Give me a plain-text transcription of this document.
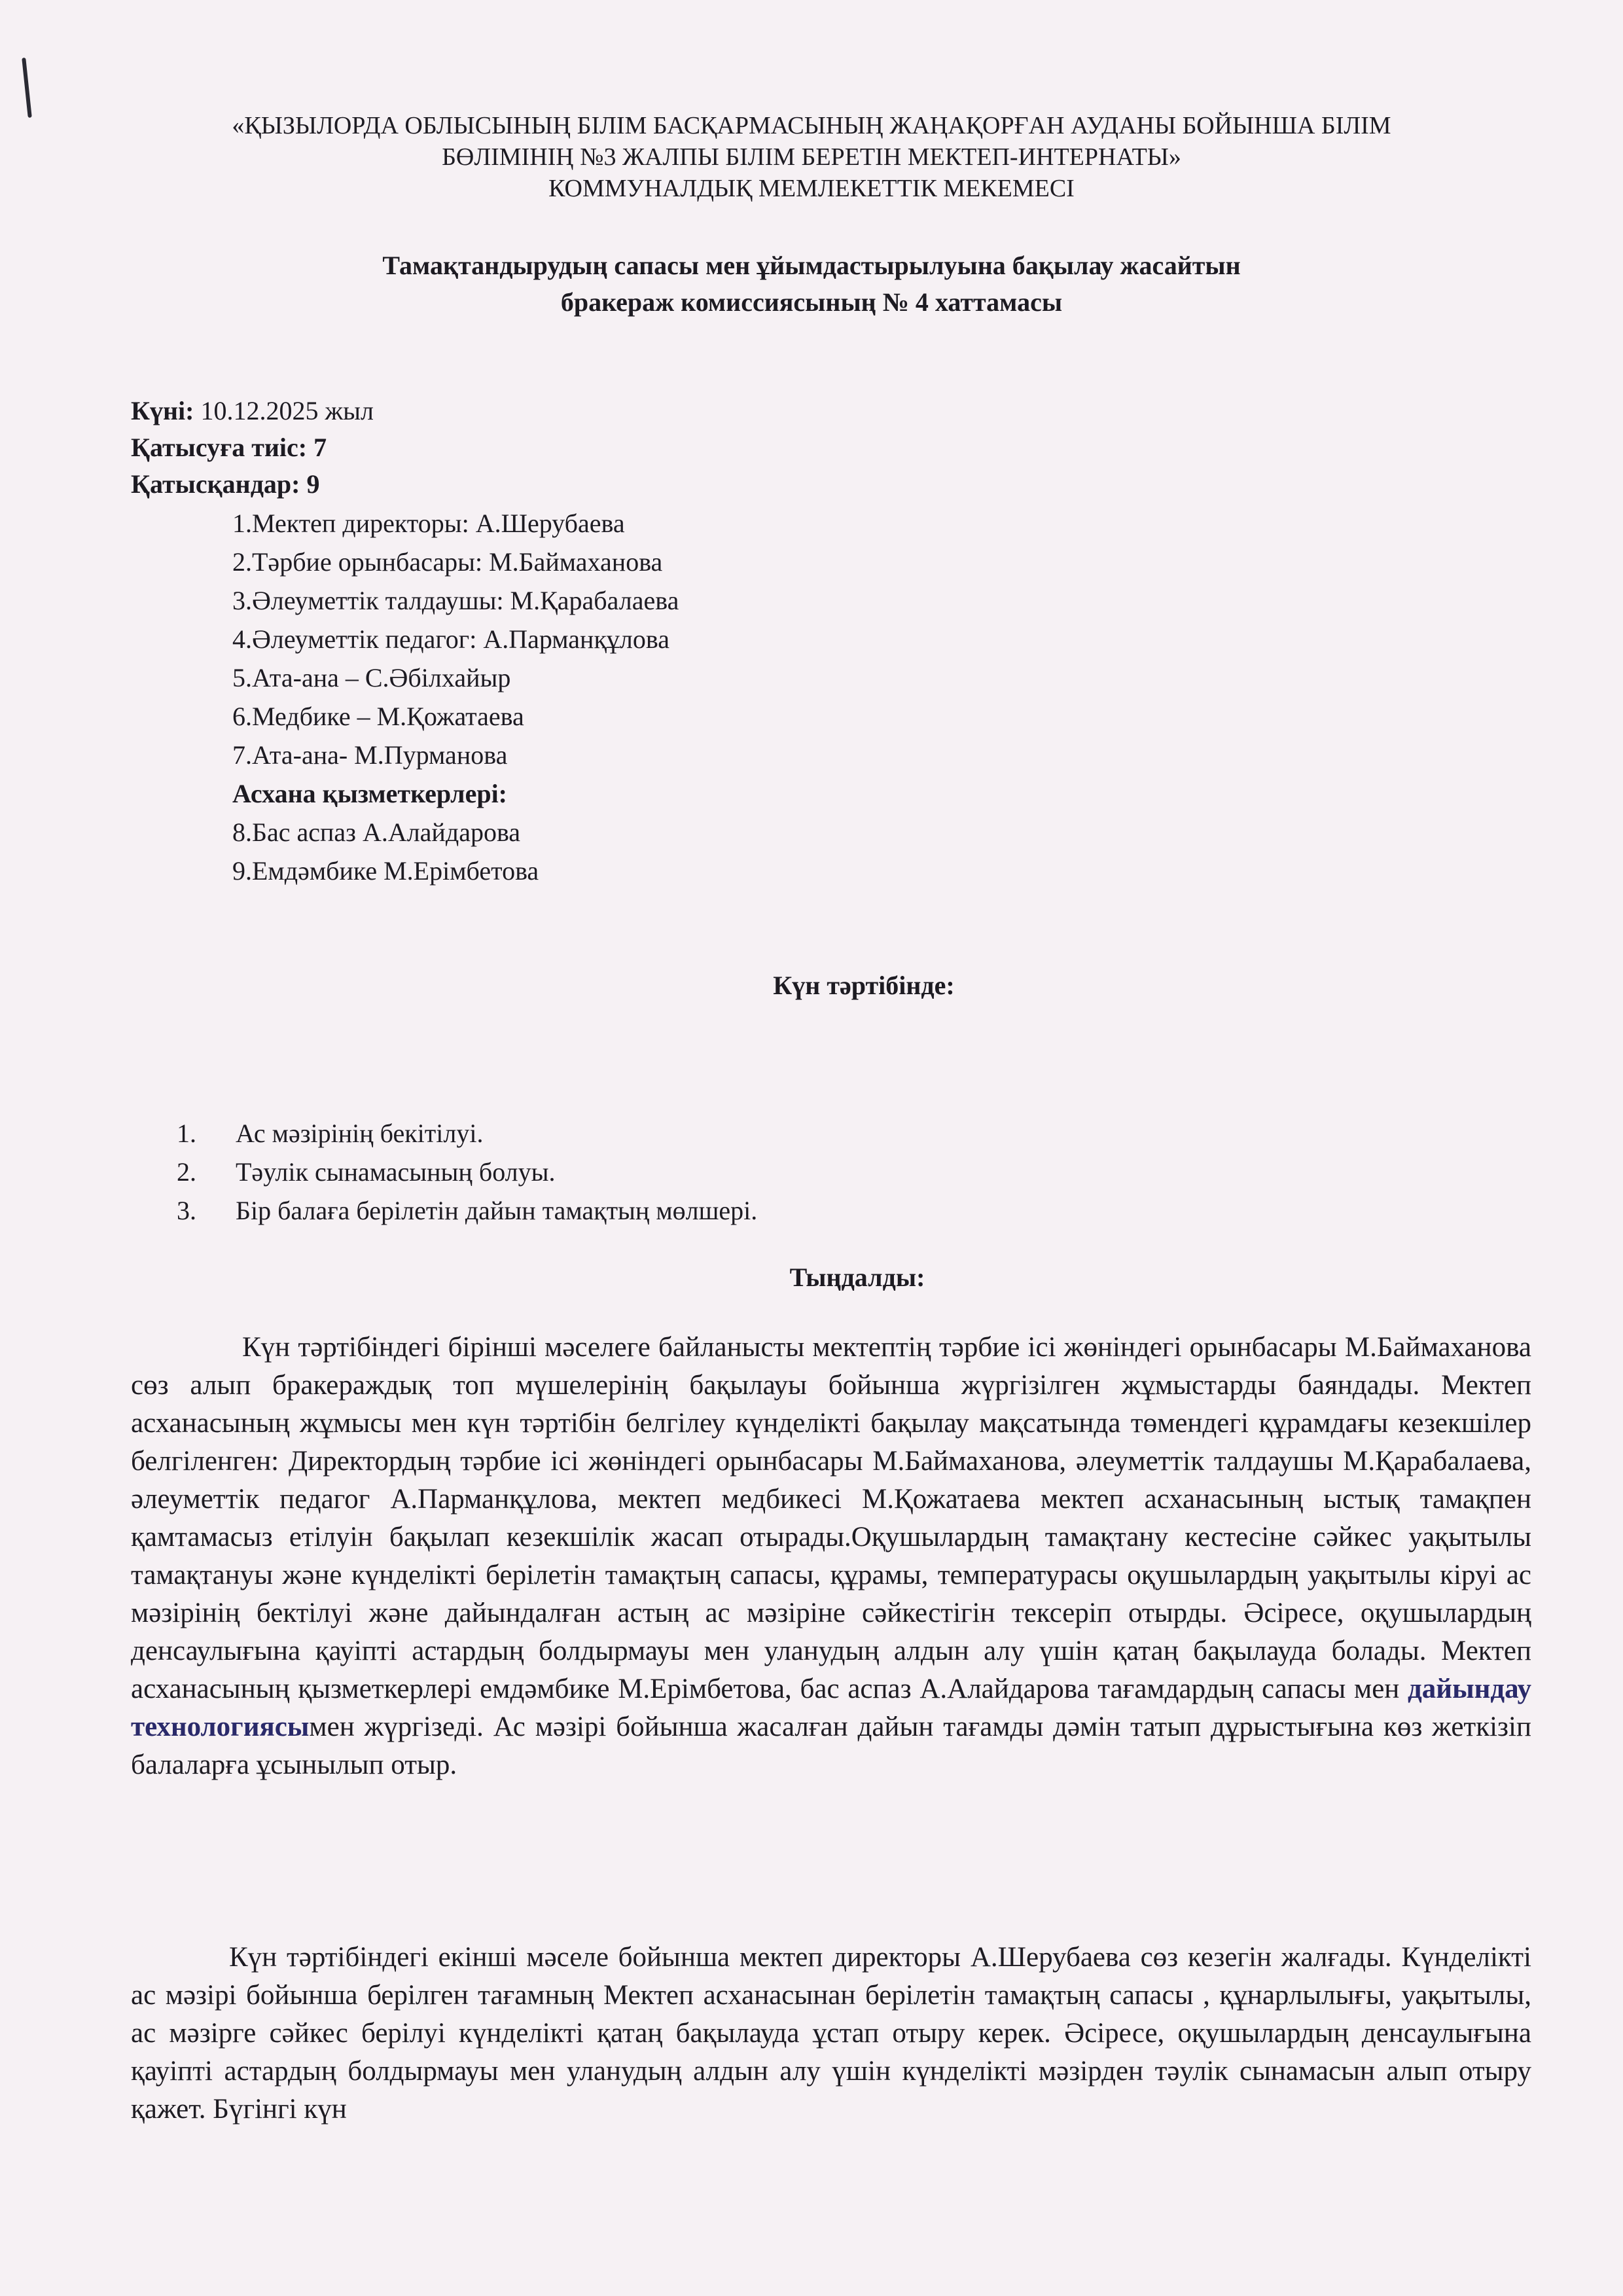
«ҚЫЗЫЛОРДА ОБЛЫСЫНЫҢ БІЛІМ БАСҚАРМАСЫНЫҢ ЖАҢАҚОРҒАН АУДАНЫ БОЙЫНША БІЛІМ
БӨЛІМІНІҢ №3 ЖАЛПЫ БІЛІМ БЕРЕТІН МЕКТЕП-ИНТЕРНАТЫ»
КОММУНАЛДЫҚ МЕМЛЕКЕТТІК МЕКЕМЕСІ
Тамақтандырудың сапасы мен ұйымдастырылуына бақылау жасайтын
бракераж комиссиясының № 4 хаттамасы
Күні: 10.12.2025 жыл
Қатысуға тиіс: 7
Қатысқандар: 9
1.Мектеп директоры: А.Шерубаева
2.Тәрбие орынбасары: М.Баймаханова
3.Әлеуметтік талдаушы: М.Қарабалаева
4.Әлеуметтік педагог: А.Парманқұлова
5.Ата-ана – С.Әбілхайыр
6.Медбике – М.Қожатаева
7.Ата-ана- М.Пурманова
Асхана қызметкерлері:
8.Бас аспаз А.Алайдарова
9.Емдәмбике М.Ерімбетова
Күн тәртібінде:
1. Ас мәзірінің бекітілуі.
2. Тәулік сынамасының болуы.
3. Бір балаға берілетін дайын тамақтың мөлшері.
Тыңдалды:
Күн тәртібіндегі бірінші мәселеге байланысты мектептің тәрбие ісі жөніндегі орынбасары М.Баймаханова сөз алып бракераждық топ мүшелерінің бақылауы бойынша жүргізілген жұмыстарды баяндады. Мектеп асханасының жұмысы мен күн тәртібін белгілеу күнделікті бақылау мақсатында төмендегі құрамдағы кезекшілер белгіленген: Директордың тәрбие ісі жөніндегі орынбасары М.Баймаханова, әлеуметтік талдаушы М.Қарабалаева, әлеуметтік педагог А.Парманқұлова, мектеп медбикесі М.Қожатаева мектеп асханасының ыстық тамақпен қамтамасыз етілуін бақылап кезекшілік жасап отырады.Оқушылардың тамақтану кестесіне сәйкес уақытылы тамақтануы және күнделікті берілетін тамақтың сапасы, құрамы, температурасы оқушылардың уақытылы кіруі ас мәзірінің бектілуі және дайындалған астың ас мәзіріне сәйкестігін тексеріп отырды. Әсіресе, оқушылардың денсаулығына қауіпті астардың болдырмауы мен уланудың алдын алу үшін қатаң бақылауда болады. Мектеп асханасының қызметкерлері емдәмбике М.Ерімбетова, бас аспаз А.Алайдарова тағамдардың сапасы мен дайындау технологиясымен жүргізеді. Ас мәзірі бойынша жасалған дайын тағамды дәмін татып дұрыстығына көз жеткізіп балаларға ұсынылып отыр.
Күн тәртібіндегі екінші мәселе бойынша мектеп директоры А.Шерубаева сөз кезегін жалғады. Күнделікті ас мәзірі бойынша берілген тағамның Мектеп асханасынан берілетін тамақтың сапасы , құнарлылығы, уақытылы, ас мәзірге сәйкес берілуі күнделікті қатаң бақылауда ұстап отыру керек. Әсіресе, оқушылардың денсаулығына қауіпті астардың болдырмауы мен уланудың алдын алу үшін күнделікті мәзірден тәулік сынамасын алып отыру қажет. Бүгінгі күн
